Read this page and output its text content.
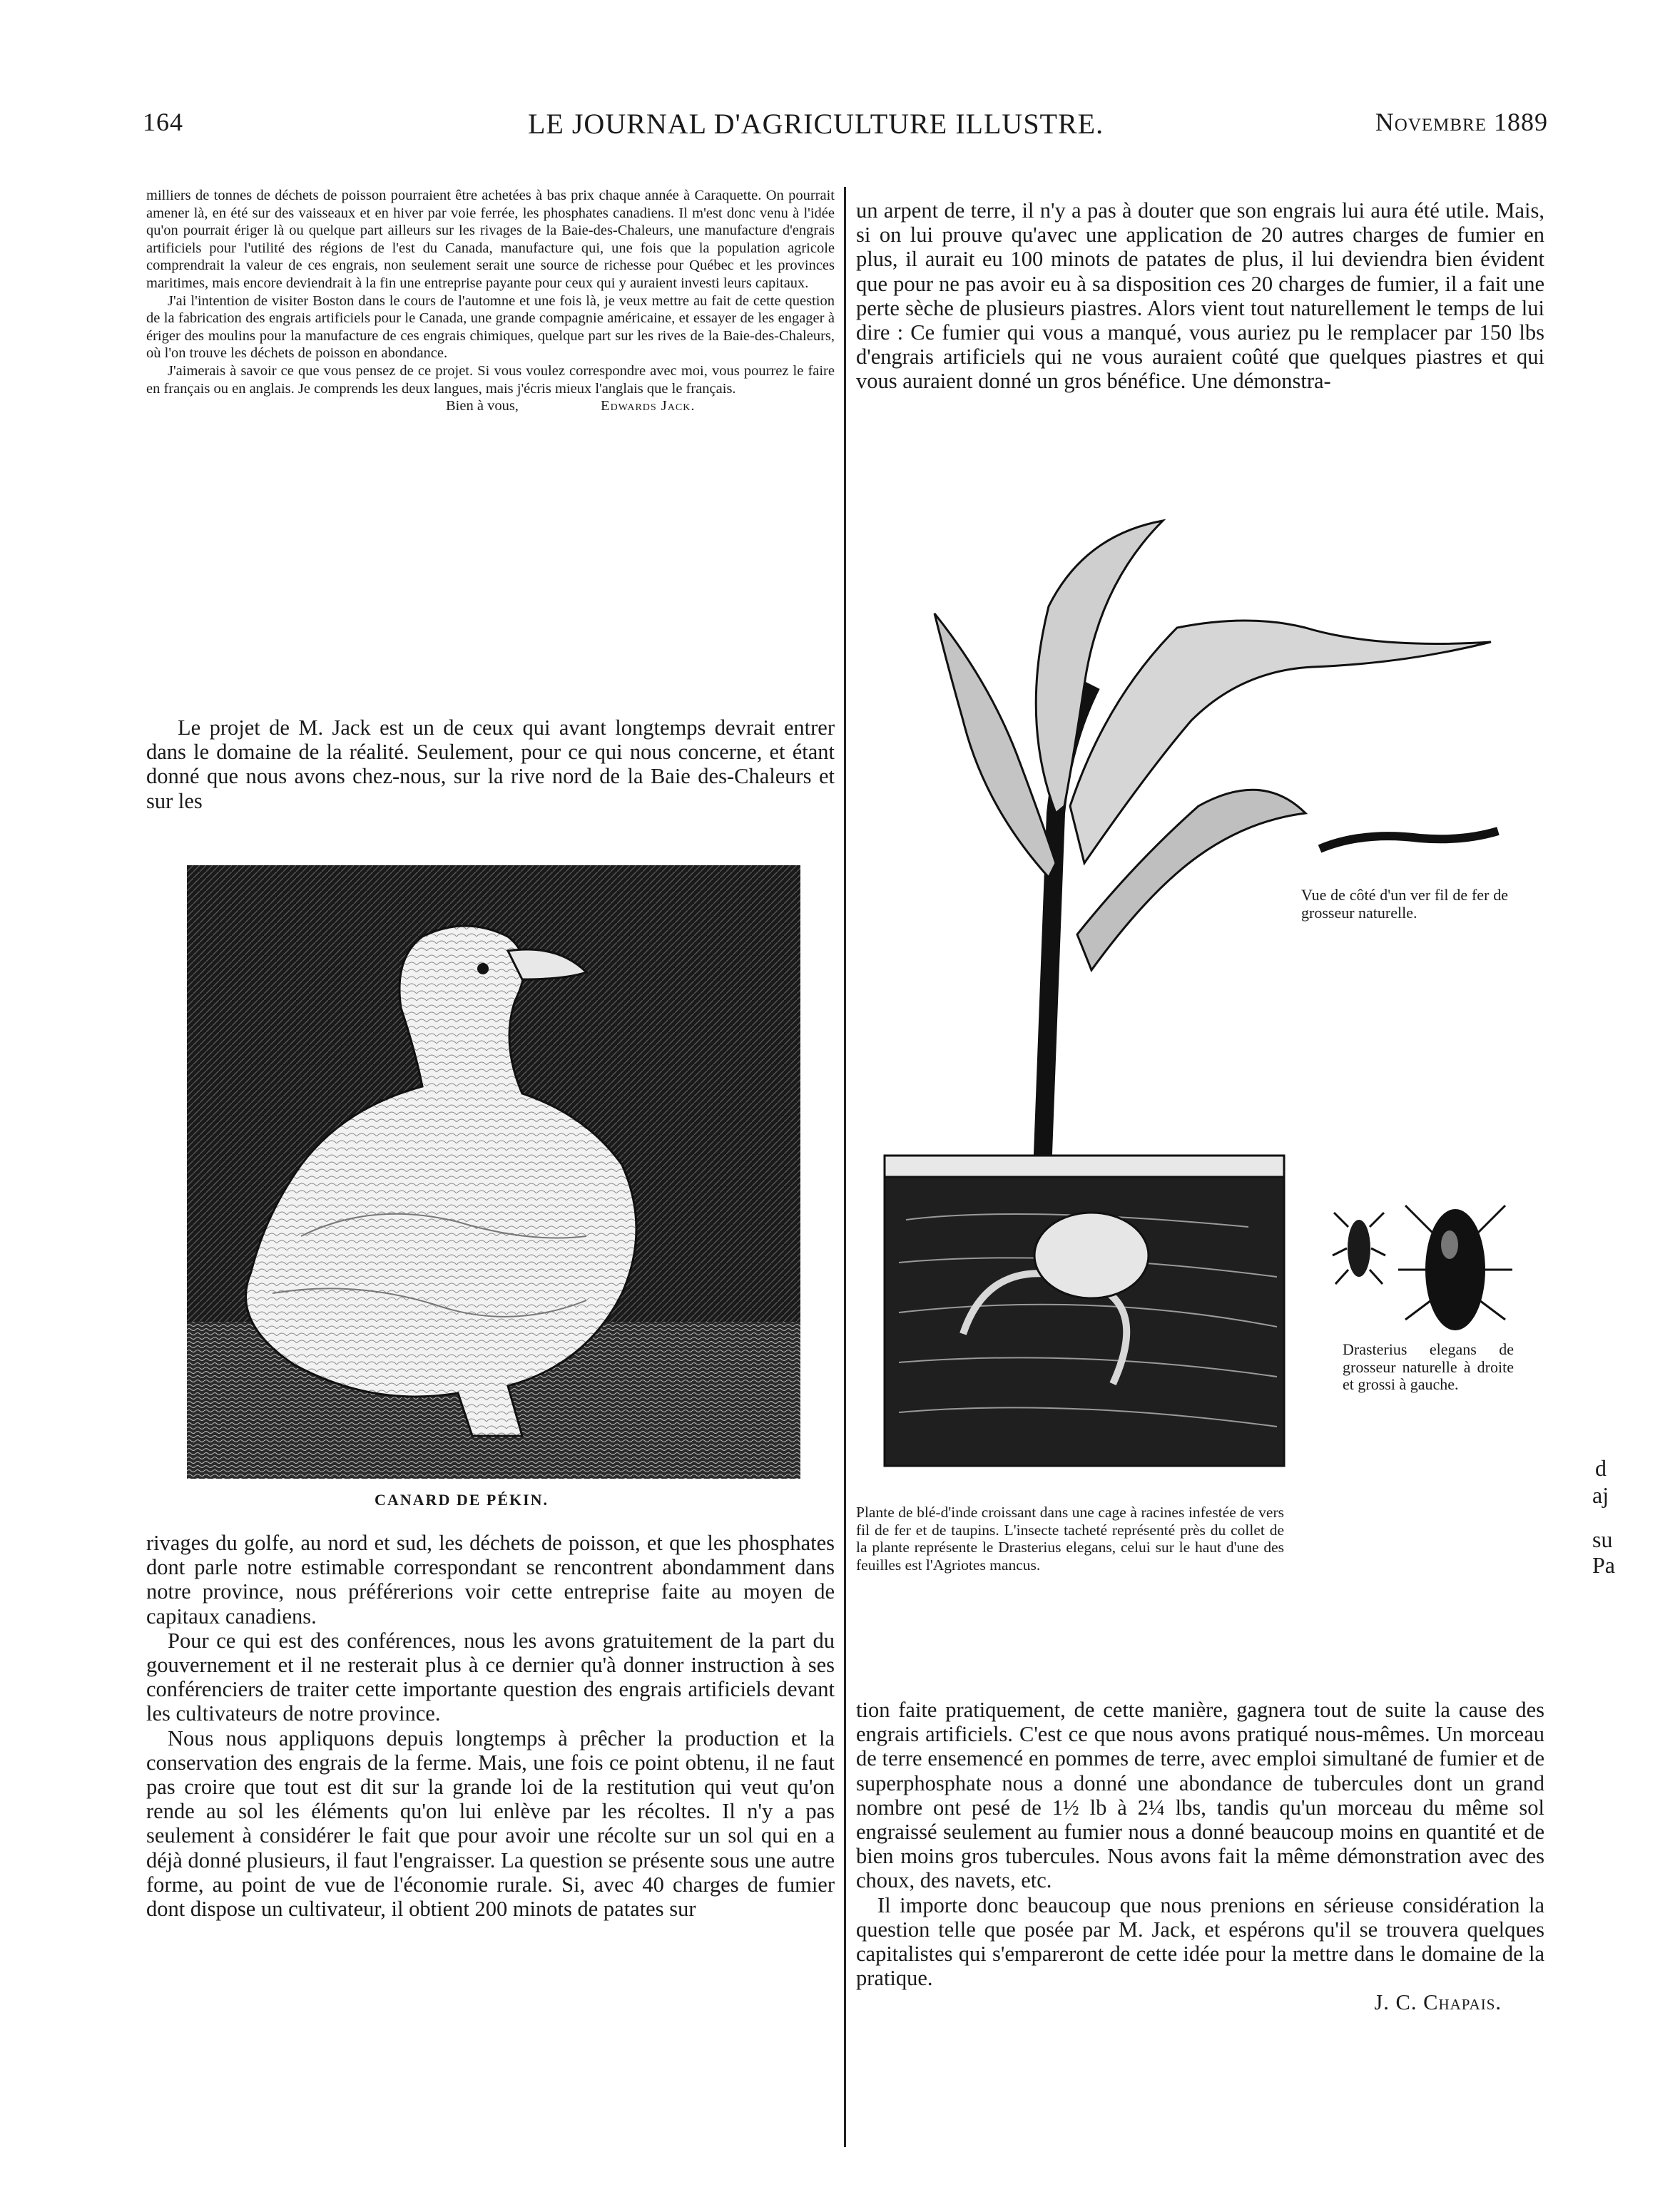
164	LE JOURNAL D'AGRICULTURE ILLUSTRE.	Novembre 1889

milliers de tonnes de déchets de poisson pourraient être achetées à bas prix chaque année à Caraquette. On pourrait amener là, en été sur des vaisseaux et en hiver par voie ferrée, les phosphates canadiens. Il m'est donc venu à l'idée qu'on pourrait ériger là ou quelque part ailleurs sur les rivages de la Baie-des-Chaleurs, une manufacture d'engrais artificiels pour l'utilité des régions de l'est du Canada, manufacture qui, une fois que la population agricole comprendrait la valeur de ces engrais, non seulement serait une source de richesse pour Québec et les provinces maritimes, mais encore deviendrait à la fin une entreprise payante pour ceux qui y auraient investi leurs capitaux.

J'ai l'intention de visiter Boston dans le cours de l'automne et une fois là, je veux mettre au fait de cette question de la fabrication des engrais artificiels pour le Canada, une grande compagnie américaine, et essayer de les engager à ériger des moulins pour la manufacture de ces engrais chimiques, quelque part sur les rives de la Baie-des-Chaleurs, où l'on trouve les déchets de poisson en abondance.

J'aimerais à savoir ce que vous pensez de ce projet. Si vous voulez correspondre avec moi, vous pourrez le faire en français ou en anglais. Je comprends les deux langues, mais j'écris mieux l'anglais que le français.

Bien à vous,	Edwards Jack.

Le projet de M. Jack est un de ceux qui avant longtemps devrait entrer dans le domaine de la réalité. Seulement, pour ce qui nous concerne, et étant donné que nous avons chez-nous, sur la rive nord de la Baie des-Chaleurs et sur les

CANARD DE PÉKIN.

rivages du golfe, au nord et sud, les déchets de poisson, et que les phosphates dont parle notre estimable correspondant se rencontrent abondamment dans notre province, nous préférerions voir cette entreprise faite au moyen de capitaux canadiens.

Pour ce qui est des conférences, nous les avons gratuitement de la part du gouvernement et il ne resterait plus à ce dernier qu'à donner instruction à ses conférenciers de traiter cette importante question des engrais artificiels devant les cultivateurs de notre province.

Nous nous appliquons depuis longtemps à prêcher la production et la conservation des engrais de la ferme. Mais, une fois ce point obtenu, il ne faut pas croire que tout est dit sur la grande loi de la restitution qui veut qu'on rende au sol les éléments qu'on lui enlève par les récoltes. Il n'y a pas seulement à considérer le fait que pour avoir une récolte sur un sol qui en a déjà donné plusieurs, il faut l'engraisser. La question se présente sous une autre forme, au point de vue de l'économie rurale. Si, avec 40 charges de fumier dont dispose un cultivateur, il obtient 200 minots de patates sur

un arpent de terre, il n'y a pas à douter que son engrais lui aura été utile. Mais, si on lui prouve qu'avec une application de 20 autres charges de fumier en plus, il aurait eu 100 minots de patates de plus, il lui deviendra bien évident que pour ne pas avoir eu à sa disposition ces 20 charges de fumier, il a fait une perte sèche de plusieurs piastres. Alors vient tout naturellement le temps de lui dire : Ce fumier qui vous a manqué, vous auriez pu le remplacer par 150 lbs d'engrais artificiels qui ne vous auraient coûté que quelques piastres et qui vous auraient donné un gros bénéfice. Une démonstra-

Vue de côté d'un ver fil de fer de grosseur naturelle.
Drasterius elegans de grosseur naturelle à droite et grossi à gauche.
Plante de blé-d'inde croissant dans une cage à racines infestée de vers fil de fer et de taupins. L'insecte tacheté représenté près du collet de la plante représente le Drasterius elegans, celui sur le haut d'une des feuilles est l'Agriotes mancus.

tion faite pratiquement, de cette manière, gagnera tout de suite la cause des engrais artificiels. C'est ce que nous avons pratiqué nous-mêmes. Un morceau de terre ensemencé en pommes de terre, avec emploi simultané de fumier et de superphosphate nous a donné une abondance de tubercules dont un grand nombre ont pesé de 1½ lb à 2¼ lbs, tandis qu'un morceau du même sol engraissé seulement au fumier nous a donné beaucoup moins en quantité et de bien moins gros tubercules. Nous avons fait la même démonstration avec des choux, des navets, etc.

Il importe donc beaucoup que nous prenions en sérieuse considération la question telle que posée par M. Jack, et espérons qu'il se trouvera quelques capitalistes qui s'empareront de cette idée pour la mettre dans le domaine de la pratique.

J. C. Chapais.

d
aj
su
Pa
